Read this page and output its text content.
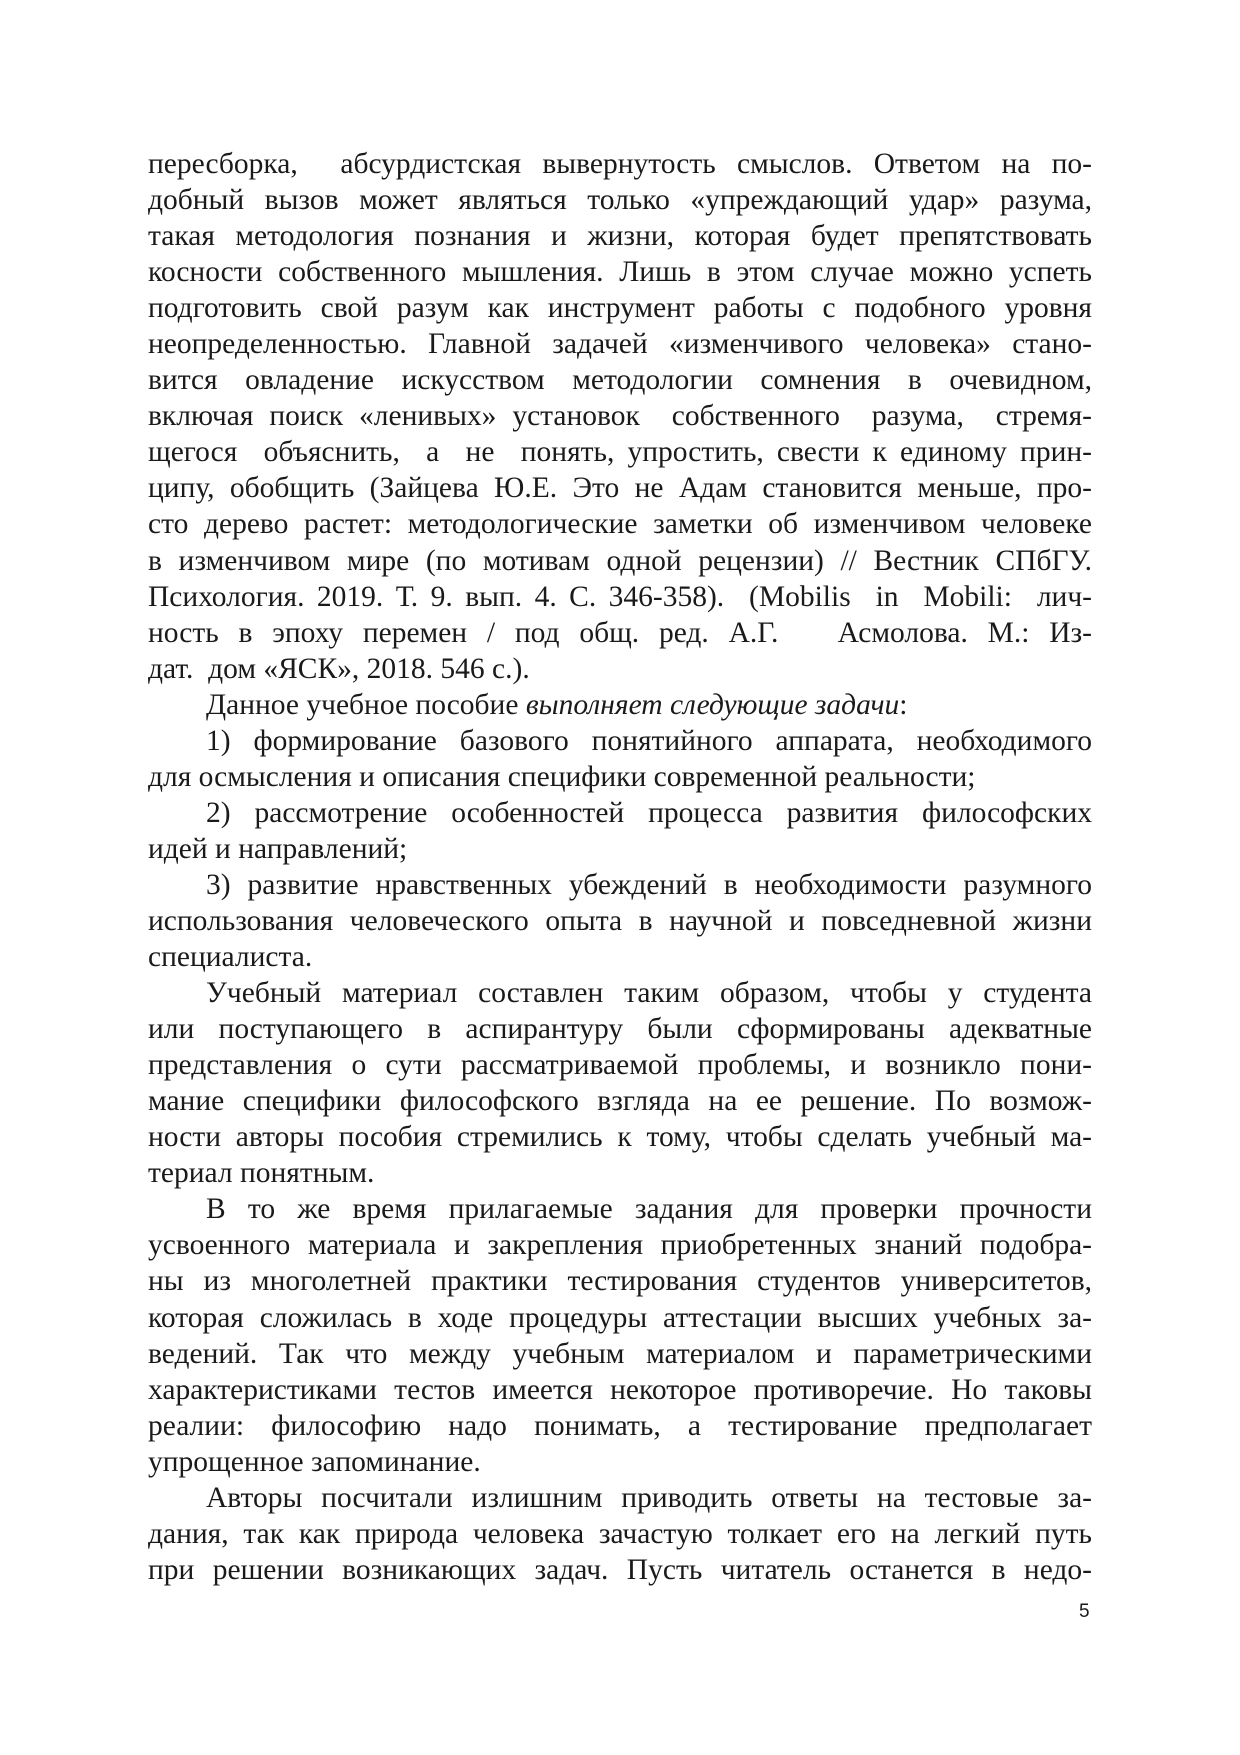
пересборка,  абсурдистская вывернутость смыслов. Ответом на по-
добный вызов может являться только «упреждающий удар» разума,
такая методология познания и жизни, которая будет препятствовать
косности собственного мышления. Лишь в этом случае можно успеть
подготовить свой разум как инструмент работы с подобного уровня
неопределенностью. Главной задачей «изменчивого человека» стано-
вится овладение искусством методологии сомнения в очевидном,
включая поиск «ленивых» установок  собственного  разума,  стремя-
щегося  объяснить,  а  не  понять, упростить, свести к единому прин-
ципу, обобщить (Зайцева Ю.Е. Это не Адам становится меньше, про-
сто дерево растет: методологические заметки об изменчивом человеке
в изменчивом мире (по мотивам одной рецензии) // Вестник СПбГУ.
Психология. 2019. Т. 9. вып. 4. С. 346-358).  (Mobilis  in  Mobili:  лич-
ность в эпоху перемен / под общ. ред. А.Г.   Асмолова. М.: Из-
дат.  дом «ЯСК», 2018. 546 с.).
Данное учебное пособие выполняет следующие задачи:
1) формирование базового понятийного аппарата, необходимого
для осмысления и описания специфики современной реальности;
2) рассмотрение особенностей процесса развития философских
идей и направлений;
3) развитие нравственных убеждений в необходимости разумного
использования человеческого опыта в научной и повседневной жизни
специалиста.
Учебный материал составлен таким образом, чтобы у студента
или поступающего в аспирантуру были сформированы адекватные
представления о сути рассматриваемой проблемы, и возникло пони-
мание специфики философского взгляда на ее решение. По возмож-
ности авторы пособия стремились к тому, чтобы сделать учебный ма-
териал понятным.
В то же время прилагаемые задания для проверки прочности
усвоенного материала и закрепления приобретенных знаний подобра-
ны из многолетней практики тестирования студентов университетов,
которая сложилась в ходе процедуры аттестации высших учебных за-
ведений. Так что между учебным материалом и параметрическими
характеристиками тестов имеется некоторое противоречие. Но таковы
реалии: философию надо понимать, а тестирование предполагает
упрощенное запоминание.
Авторы посчитали излишним приводить ответы на тестовые за-
дания, так как природа человека зачастую толкает его на легкий путь
при решении возникающих задач. Пусть читатель останется в недо-
5
